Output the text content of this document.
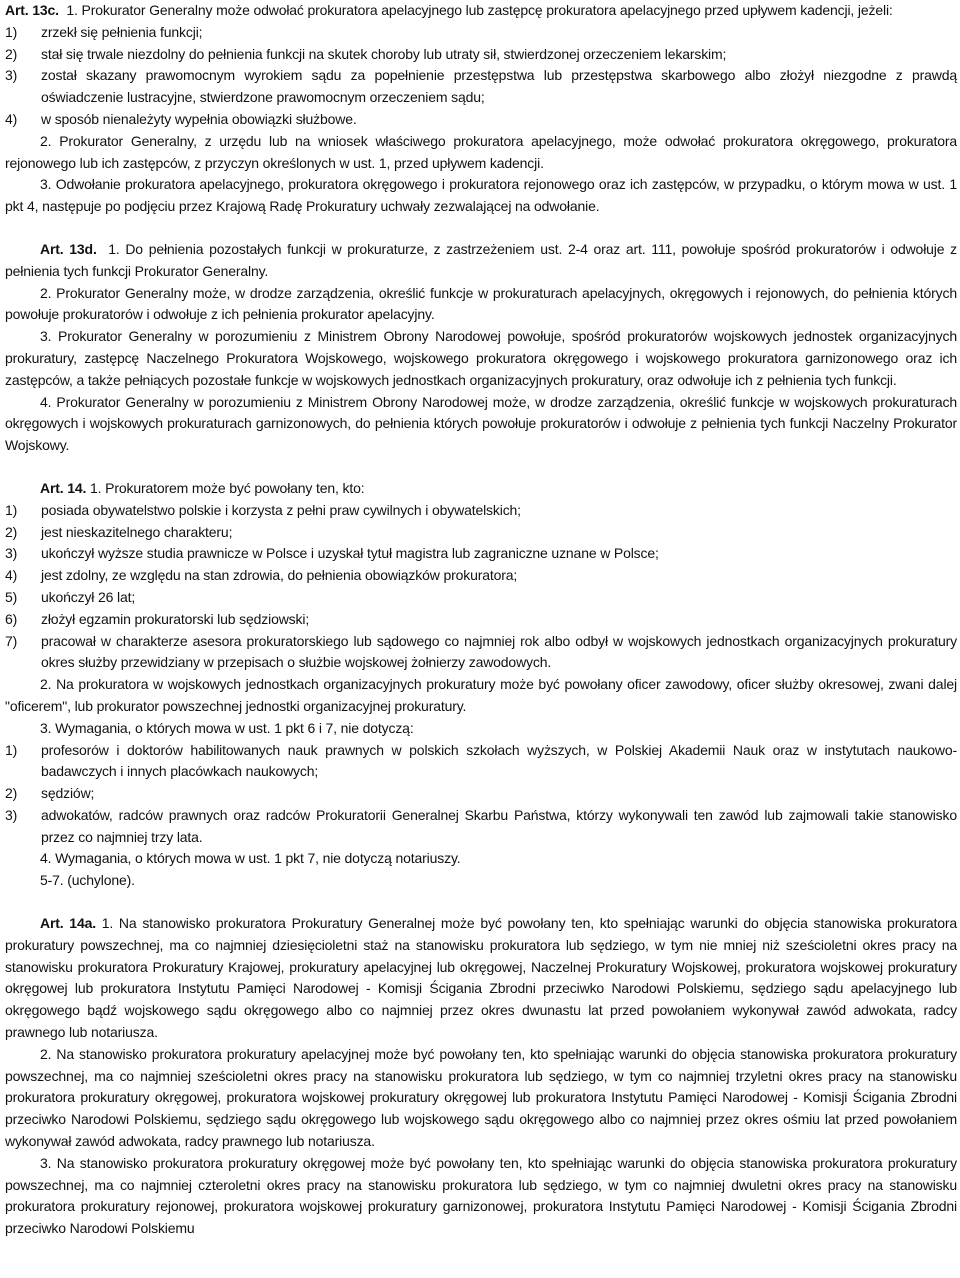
Art. 13c. 1. Prokurator Generalny może odwołać prokuratora apelacyjnego lub zastępcę prokuratora apelacyjnego przed upływem kadencji, jeżeli:

1)	zrzekł się pełnienia funkcji;
2)	stał się trwale niezdolny do pełnienia funkcji na skutek choroby lub utraty sił, stwierdzonej orzeczeniem lekarskim;
3)	został skazany prawomocnym wyrokiem sądu za popełnienie przestępstwa lub przestępstwa skarbowego albo złożył niezgodne z prawdą oświadczenie lustracyjne, stwierdzone prawomocnym orzeczeniem sądu;
4)	w sposób nienależyty wypełnia obowiązki służbowe.

2. Prokurator Generalny, z urzędu lub na wniosek właściwego prokuratora apelacyjnego, może odwołać prokuratora okręgowego, prokuratora rejonowego lub ich zastępców, z przyczyn określonych w ust. 1, przed upływem kadencji.

3. Odwołanie prokuratora apelacyjnego, prokuratora okręgowego i prokuratora rejonowego oraz ich zastępców, w przypadku, o którym mowa w ust. 1 pkt 4, następuje po podjęciu przez Krajową Radę Prokuratury uchwały zezwalającej na odwołanie.

Art. 13d. 1. Do pełnienia pozostałych funkcji w prokuraturze, z zastrzeżeniem ust. 2-4 oraz art. 111, powołuje spośród prokuratorów i odwołuje z pełnienia tych funkcji Prokurator Generalny.

2. Prokurator Generalny może, w drodze zarządzenia, określić funkcje w prokuraturach apelacyjnych, okręgowych i rejonowych, do pełnienia których powołuje prokuratorów i odwołuje z ich pełnienia prokurator apelacyjny.

3. Prokurator Generalny w porozumieniu z Ministrem Obrony Narodowej powołuje, spośród prokuratorów wojskowych jednostek organizacyjnych prokuratury, zastępcę Naczelnego Prokuratora Wojskowego, wojskowego prokuratora okręgowego i wojskowego prokuratora garnizonowego oraz ich zastępców, a także pełniących pozostałe funkcje w wojskowych jednostkach organizacyjnych prokuratury, oraz odwołuje ich z pełnienia tych funkcji.

4. Prokurator Generalny w porozumieniu z Ministrem Obrony Narodowej może, w drodze zarządzenia, określić funkcje w wojskowych prokuraturach okręgowych i wojskowych prokuraturach garnizonowych, do pełnienia których powołuje prokuratorów i odwołuje z pełnienia tych funkcji Naczelny Prokurator Wojskowy.

Art. 14. 1. Prokuratorem może być powołany ten, kto:

1)	posiada obywatelstwo polskie i korzysta z pełni praw cywilnych i obywatelskich;
2)	jest nieskazitelnego charakteru;
3)	ukończył wyższe studia prawnicze w Polsce i uzyskał tytuł magistra lub zagraniczne uznane w Polsce;
4)	jest zdolny, ze względu na stan zdrowia, do pełnienia obowiązków prokuratora;
5)	ukończył 26 lat;
6)	złożył egzamin prokuratorski lub sędziowski;
7)	pracował w charakterze asesora prokuratorskiego lub sądowego co najmniej rok albo odbył w wojskowych jednostkach organizacyjnych prokuratury okres służby przewidziany w przepisach o służbie wojskowej żołnierzy zawodowych.

2. Na prokuratora w wojskowych jednostkach organizacyjnych prokuratury może być powołany oficer zawodowy, oficer służby okresowej, zwani dalej "oficerem", lub prokurator powszechnej jednostki organizacyjnej prokuratury.

3. Wymagania, o których mowa w ust. 1 pkt 6 i 7, nie dotyczą:

1)	profesorów i doktorów habilitowanych nauk prawnych w polskich szkołach wyższych, w Polskiej Akademii Nauk oraz w instytutach naukowo-badawczych i innych placówkach naukowych;
2)	sędziów;
3)	adwokatów, radców prawnych oraz radców Prokuratorii Generalnej Skarbu Państwa, którzy wykonywali ten zawód lub zajmowali takie stanowisko przez co najmniej trzy lata.

4. Wymagania, o których mowa w ust. 1 pkt 7, nie dotyczą notariuszy.

5-7. (uchylone).

Art. 14a. 1. Na stanowisko prokuratora Prokuratury Generalnej może być powołany ten, kto spełniając warunki do objęcia stanowiska prokuratora prokuratury powszechnej, ma co najmniej dziesięcioletni staż na stanowisku prokuratora lub sędziego, w tym nie mniej niż sześcioletni okres pracy na stanowisku prokuratora Prokuratury Krajowej, prokuratury apelacyjnej lub okręgowej, Naczelnej Prokuratury Wojskowej, prokuratora wojskowej prokuratury okręgowej lub prokuratora Instytutu Pamięci Narodowej - Komisji Ścigania Zbrodni przeciwko Narodowi Polskiemu, sędziego sądu apelacyjnego lub okręgowego bądź wojskowego sądu okręgowego albo co najmniej przez okres dwunastu lat przed powołaniem wykonywał zawód adwokata, radcy prawnego lub notariusza.

2. Na stanowisko prokuratora prokuratury apelacyjnej może być powołany ten, kto spełniając warunki do objęcia stanowiska prokuratora prokuratury powszechnej, ma co najmniej sześcioletni okres pracy na stanowisku prokuratora lub sędziego, w tym co najmniej trzyletni okres pracy na stanowisku prokuratora prokuratury okręgowej, prokuratora wojskowej prokuratury okręgowej lub prokuratora Instytutu Pamięci Narodowej - Komisji Ścigania Zbrodni przeciwko Narodowi Polskiemu, sędziego sądu okręgowego lub wojskowego sądu okręgowego albo co najmniej przez okres ośmiu lat przed powołaniem wykonywał zawód adwokata, radcy prawnego lub notariusza.

3. Na stanowisko prokuratora prokuratury okręgowej może być powołany ten, kto spełniając warunki do objęcia stanowiska prokuratora prokuratury powszechnej, ma co najmniej czteroletni okres pracy na stanowisku prokuratora lub sędziego, w tym co najmniej dwuletni okres pracy na stanowisku prokuratora prokuratury rejonowej, prokuratora wojskowej prokuratury garnizonowej, prokuratora Instytutu Pamięci Narodowej - Komisji Ścigania Zbrodni przeciwko Narodowi Polskiemu
